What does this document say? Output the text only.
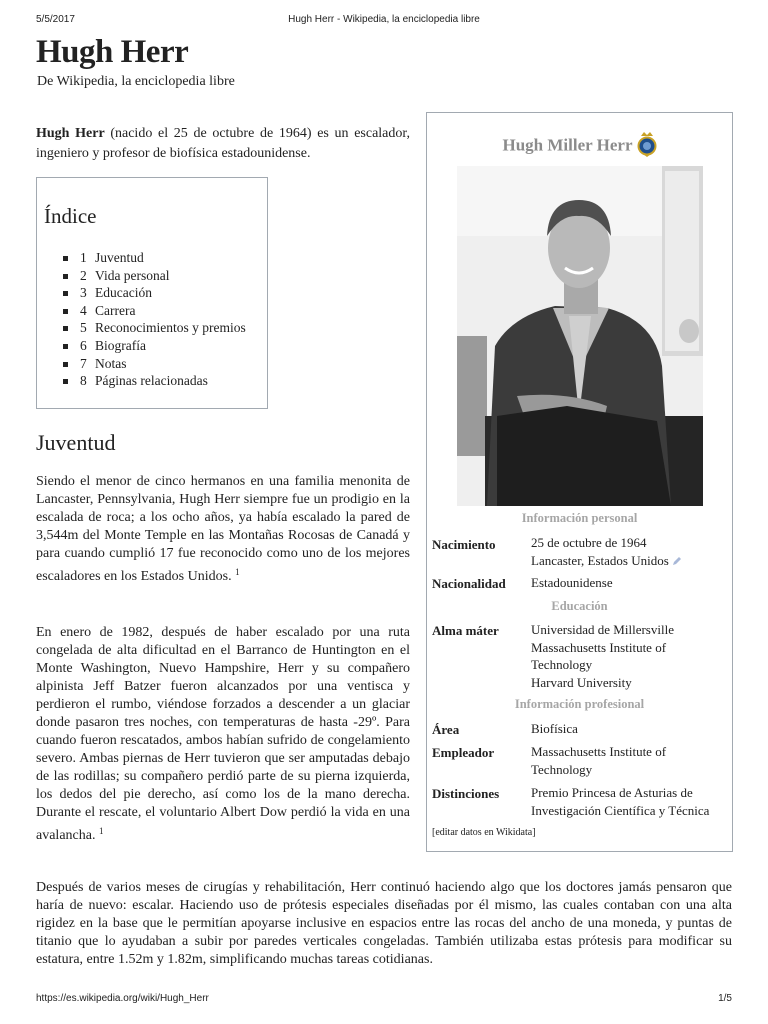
5/5/2017	Hugh Herr - Wikipedia, la enciclopedia libre
Hugh Herr
De Wikipedia, la enciclopedia libre
Hugh Herr (nacido el 25 de octubre de 1964) es un escalador, ingeniero y profesor de biofísica estadounidense.
Índice
1 Juventud
2 Vida personal
3 Educación
4 Carrera
5 Reconocimientos y premios
6 Biografía
7 Notas
8 Páginas relacionadas
Juventud
Siendo el menor de cinco hermanos en una familia menonita de Lancaster, Pennsylvania, Hugh Herr siempre fue un prodigio en la escalada de roca; a los ocho años, ya había escalado la pared de 3,544m del Monte Temple en las Montañas Rocosas de Canadá y para cuando cumplió 17 fue reconocido como uno de los mejores escaladores en los Estados Unidos. $^1$
En enero de 1982, después de haber escalado por una ruta congelada de alta dificultad en el Barranco de Huntington en el Monte Washington, Nuevo Hampshire, Herr y su compañero alpinista Jeff Batzer fueron alcanzados por una ventisca y perdieron el rumbo, viéndose forzados a descender a un glaciar donde pasaron tres noches, con temperaturas de hasta -29º. Para cuando fueron rescatados, ambos habían sufrido de congelamiento severo. Ambas piernas de Herr tuvieron que ser amputadas debajo de las rodillas; su compañero perdió parte de su pierna izquierda, los dedos del pie derecho, así como los de la mano derecha. Durante el rescate, el voluntario Albert Dow perdió la vida en una avalancha. $^1$
Después de varios meses de cirugías y rehabilitación, Herr continuó haciendo algo que los doctores jamás pensaron que haría de nuevo: escalar. Haciendo uso de prótesis especiales diseñadas por él mismo, las cuales contaban con una alta rigidez en la base que le permitían apoyarse inclusive en espacios entre las rocas del ancho de una moneda, y puntas de titanio que lo ayudaban a subir por paredes verticales congeladas. También utilizaba estas prótesis para modificar su estatura, entre 1.52m y 1.82m, simplificando muchas tareas cotidianas.
Hugh Miller Herr
Información personal
Nacimiento	25 de octubre de 1964
Lancaster, Estados Unidos
Nacionalidad Estadounidense
Educación
Alma máter Universidad de Millersville
Massachusetts Institute of Technology
Harvard University
Información profesional
Área	Biofísica
Empleador	Massachusetts Institute of Technology
Distinciones Premio Princesa de Asturias de Investigación Científica y Técnica
[editar datos en Wikidata]
https://es.wikipedia.org/wiki/Hugh_Herr	1/5
